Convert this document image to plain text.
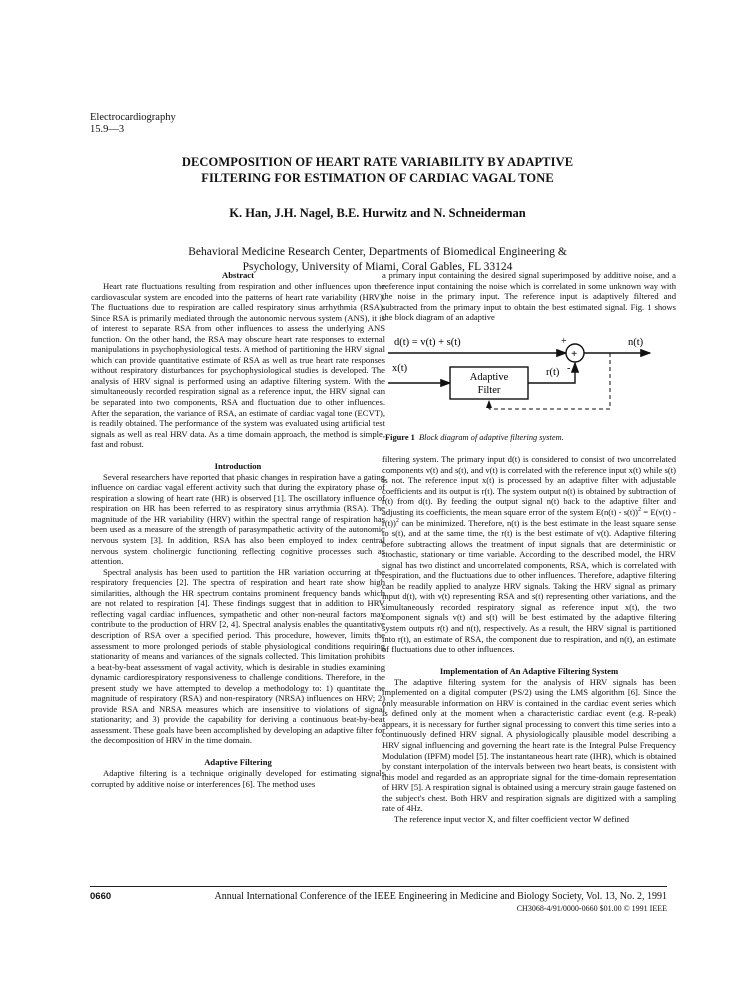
Electrocardiography
15.9—3
DECOMPOSITION OF HEART RATE VARIABILITY BY ADAPTIVE
FILTERING FOR ESTIMATION OF CARDIAC VAGAL TONE
K. Han, J.H. Nagel, B.E. Hurwitz and N. Schneiderman
Behavioral Medicine Research Center, Departments of Biomedical Engineering &
Psychology, University of Miami, Coral Gables, FL 33124
Abstract

Heart rate fluctuations resulting from respiration and other influences upon the cardiovascular system are encoded into the patterns of heart rate variability (HRV). The fluctuations due to respiration are called respiratory sinus arrhythmia (RSA). Since RSA is primarily mediated through the autonomic nervous system (ANS), it is of interest to separate RSA from other influences to assess the underlying ANS function. On the other hand, the RSA may obscure heart rate responses to external manipulations in psychophysiological tests. A method of partitioning the HRV signal which can provide quantitative estimate of RSA as well as true heart rate responses without respiratory disturbances for psychophysiological studies is developed. The analysis of HRV signal is performed using an adaptive filtering system. With the simultaneously recorded respiration signal as a reference input, the HRV signal can be separated into two components, RSA and fluctuation due to other influences. After the separation, the variance of RSA, an estimate of cardiac vagal tone (ECVT), is readily obtained. The performance of the system was evaluated using artificial test signals as well as real HRV data. As a time domain approach, the method is simple, fast and robust.

Introduction

Several researchers have reported that phasic changes in respiration have a gating influence on cardiac vagal efferent activity such that during the expiratory phase of respiration a slowing of heart rate (HR) is observed [1]. The oscillatory influence of respiration on HR has been referred to as respiratory sinus arrythmia (RSA). The magnitude of the HR variability (HRV) within the spectral range of respiration has been used as a measure of the strength of parasympathetic activity of the autonomic nervous system [3]. In addition, RSA has also been employed to index central nervous system cholinergic functioning reflecting cognitive processes such as attention.

Spectral analysis has been used to partition the HR variation occurring at the respiratory frequencies [2]. The spectra of respiration and heart rate show high similarities, although the HR spectrum contains prominent frequency bands which are not related to respiration [4]. These findings suggest that in addition to HRV reflecting vagal cardiac influences, sympathetic and other non-neural factors may contribute to the production of HRV [2, 4]. Spectral analysis enables the quantitative description of RSA over a specified period. This procedure, however, limits the assessment to more prolonged periods of stable physiological conditions requiring stationarity of means and variances of the signals collected. This limitation prohibits a beat-by-beat assessment of vagal activity, which is desirable in studies examining dynamic cardiorespiratory responsiveness to challenge conditions. Therefore, in the present study we have attempted to develop a methodology to: 1) quantitate the magnitude of respiratory (RSA) and non-respiratory (NRSA) influences on HRV; 2) provide RSA and NRSA measures which are insensitive to violations of signal stationarity; and 3) provide the capability for deriving a continuous beat-by-beat assessment. These goals have been accomplished by developing an adaptive filter for the decomposition of HRV in the time domain.

Adaptive Filtering

Adaptive filtering is a technique originally developed for estimating signals corrupted by additive noise or interferences [6]. The method uses

a primary input containing the desired signal superimposed by additive noise, and a reference input containing the noise which is correlated in some unknown way with the noise in the primary input. The reference input is adaptively filtered and subtracted from the primary input to obtain the best estimated signal. Fig. 1 shows the block diagram of an adaptive

d(t) = v(t) + s(t)
+
+
-
n(t)
x(t)
Adaptive
Filter
r(t)
Figure 1 Block diagram of adaptive filtering system.

filtering system. The primary input d(t) is considered to consist of two uncorrelated components v(t) and s(t), and v(t) is correlated with the reference input x(t) while s(t) is not. The reference input x(t) is processed by an adaptive filter with adjustable coefficients and its output is r(t). The system output n(t) is obtained by subtraction of r(t) from d(t). By feeding the output signal n(t) back to the adaptive filter and adjusting its coefficients, the mean square error of the system E(n(t) - s(t))$^2$ = E(v(t) - r(t))$^2$ can be minimized. Therefore, n(t) is the best estimate in the least square sense to s(t), and at the same time, the r(t) is the best estimate of v(t). Adaptive filtering before subtracting allows the treatment of input signals that are deterministic or stochastic, stationary or time variable. According to the described model, the HRV signal has two distinct and uncorrelated components, RSA, which is correlated with respiration, and the fluctuations due to other influences. Therefore, adaptive filtering can be readily applied to analyze HRV signals. Taking the HRV signal as primary input d(t), with v(t) representing RSA and s(t) representing other variations, and the simultaneously recorded respiratory signal as reference input x(t), the two component signals v(t) and s(t) will be best estimated by the adaptive filtering system outputs r(t) and n(t), respectively. As a result, the HRV signal is partitioned into r(t), an estimate of RSA, the component due to respiration, and n(t), an estimate of fluctuations due to other influences.

Implementation of An Adaptive Filtering System

The adaptive filtering system for the analysis of HRV signals has been implemented on a digital computer (PS/2) using the LMS algorithm [6]. Since the only measurable information on HRV is contained in the cardiac event series which is defined only at the moment when a characteristic cardiac event (e.g. R-peak) appears, it is necessary for further signal processing to convert this time series into a continuously defined HRV signal. A physiologically plausible model describing a HRV signal influencing and governing the heart rate is the Integral Pulse Frequency Modulation (IPFM) model [5]. The instantaneous heart rate (IHR), which is obtained by constant interpolation of the intervals between two heart beats, is consistent with this model and regarded as an appropriate signal for the time-domain representation of HRV [5]. A respiration signal is obtained using a mercury strain gauge fastened on the subject's chest. Both HRV and respiration signals are digitized with a sampling rate of 4Hz.

The reference input vector X, and filter coefficient vector W defined

0660	Annual International Conference of the IEEE Engineering in Medicine and Biology Society, Vol. 13, No. 2, 1991
CH3068-4/91/0000-0660 $01.00 © 1991 IEEE
